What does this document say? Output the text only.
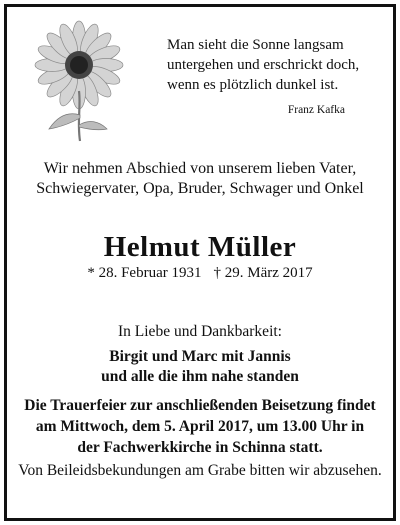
Man sieht die Sonne langsam
untergehen und erschrickt doch,
wenn es plötzlich dunkel ist.
Franz Kafka
Wir nehmen Abschied von unserem lieben Vater,
Schwiegervater, Opa, Bruder, Schwager und Onkel
Helmut Müller
* 28. Februar 1931 † 29. März 2017
In Liebe und Dankbarkeit:
Birgit und Marc mit Jannis
und alle die ihm nahe standen
Die Trauerfeier zur anschließenden Beisetzung findet
am Mittwoch, dem 5. April 2017, um 13.00 Uhr in
der Fachwerkkirche in Schinna statt.
Von Beileidsbekundungen am Grabe bitten wir abzusehen.
